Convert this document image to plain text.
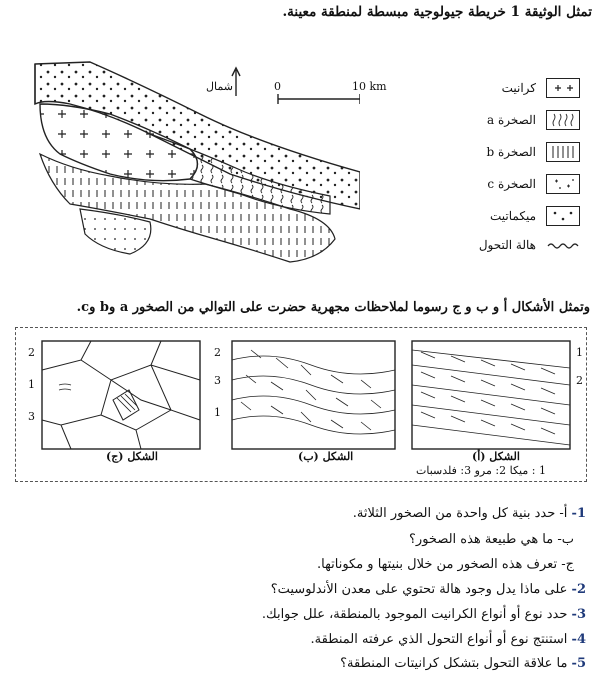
تمثل الوثيقة 1 خريطة جيولوجية مبسطة لمنطقة معينة.
شمال	0	10 km	كرانيت
الصخرة a
الصخرة b
الصخرة c
ميكماتيت
هالة التحول
وتمثل الأشكال أ و ب و ج رسوما لملاحظات مجهرية حضرت على التوالي من الصخور a وb وc.
2
1
3
الشكل (ج)
2
3
1
الشكل (ب)
1
2
الشكل (أ)
1 : ميكا 2: مرو 3: فلدسبات
1- أ- حدد بنية كل واحدة من الصخور الثلاثة.
ب- ما هي طبيعة هذه الصخور؟
ج- تعرف هذه الصخور من خلال بنيتها و مكوناتها.
2- على ماذا يدل وجود هالة تحتوي على معدن الأندلوسيت؟
3- حدد نوع أو أنواع الكرانيت الموجود بالمنطقة، علل جوابك.
4- استنتج نوع أو أنواع التحول الذي عرفته المنطقة.
5- ما علاقة التحول بتشكل كرانيتات المنطقة؟
